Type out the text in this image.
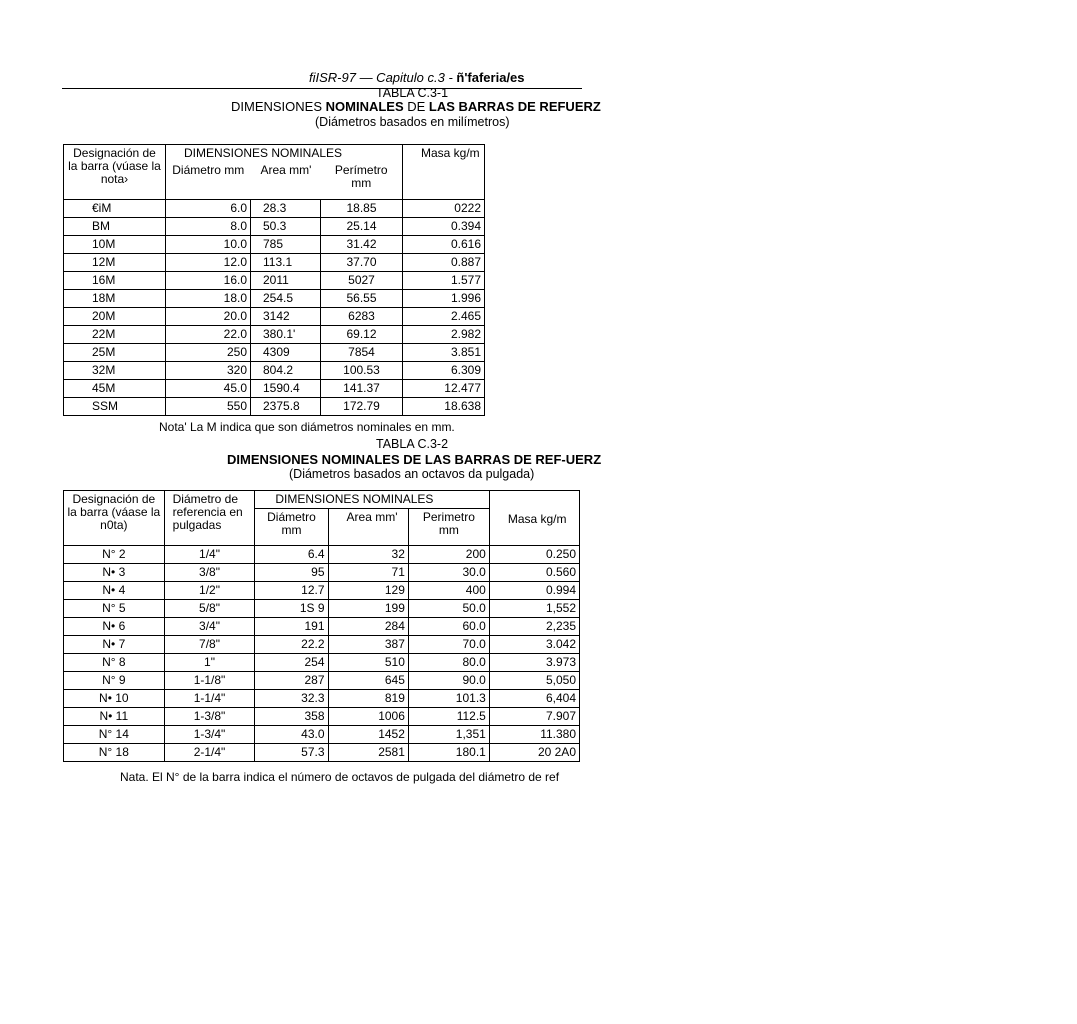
fiISR-97 — Capitulo c.3 - ñ'faferia/es
TABLA C.3-1
DIMENSIONES NOMINALES DE LAS BARRAS DE REFUERZ
(Diámetros basados en milímetros)
Designación de la barra (vúase la nota›	DIMENSIONES NOMINALES			Masa kg/m
	Diámetro mm	Area mm'	Perímetro mm	
€iM	6.0	28.3	18.85	0222
BM	8.0	50.3	25.14	0.394
10M	10.0	785	31.42	0.616
12M	12.0	113.1	37.70	0.887
16M	16.0	2011	5027	1.577
18M	18.0	254.5	56.55	1.996
20M	20.0	3142	6283	2.465
22M	22.0	380.1'	69.12	2.982
25M	250	4309	7854	3.851
32M	320	804.2	100.53	6.309
45M	45.0	1590.4	141.37	12.477
SSM	550	2375.8	172.79	18.638
Nota' La M indica que son diámetros nominales en mm.
TABLA C.3-2
DIMENSIONES NOMINALES DE LAS BARRAS DE REF-UERZ
(Diámetros basados an octavos da pulgada)
Designación de la barra (váase la n0ta)	Diámetro de referencia en pulgadas	DIMENSIONES NOMINALES			Masa kg/m
		Diámetro mm	Area mm'	Perimetro mm	
N° 2	1/4"	6.4	32	200	0.250
N• 3	3/8"	95	71	30.0	0.560
N• 4	1/2"	12.7	129	400	0.994
N° 5	5/8"	1S 9	199	50.0	1,552
N• 6	3/4"	191	284	60.0	2,235
N• 7	7/8"	22.2	387	70.0	3.042
N° 8	1"	254	510	80.0	3.973
N° 9	1-1/8"	287	645	90.0	5,050
N• 10	1-1/4"	32.3	819	101.3	6,404
N• 11	1-3/8"	358	1006	112.5	7.907
N° 14	1-3/4"	43.0	1452	1,351	11.380
N° 18	2-1/4"	57.3	2581	180.1	20 2A0
Nata. El N° de la barra indica el número de octavos de pulgada del diámetro de ref
